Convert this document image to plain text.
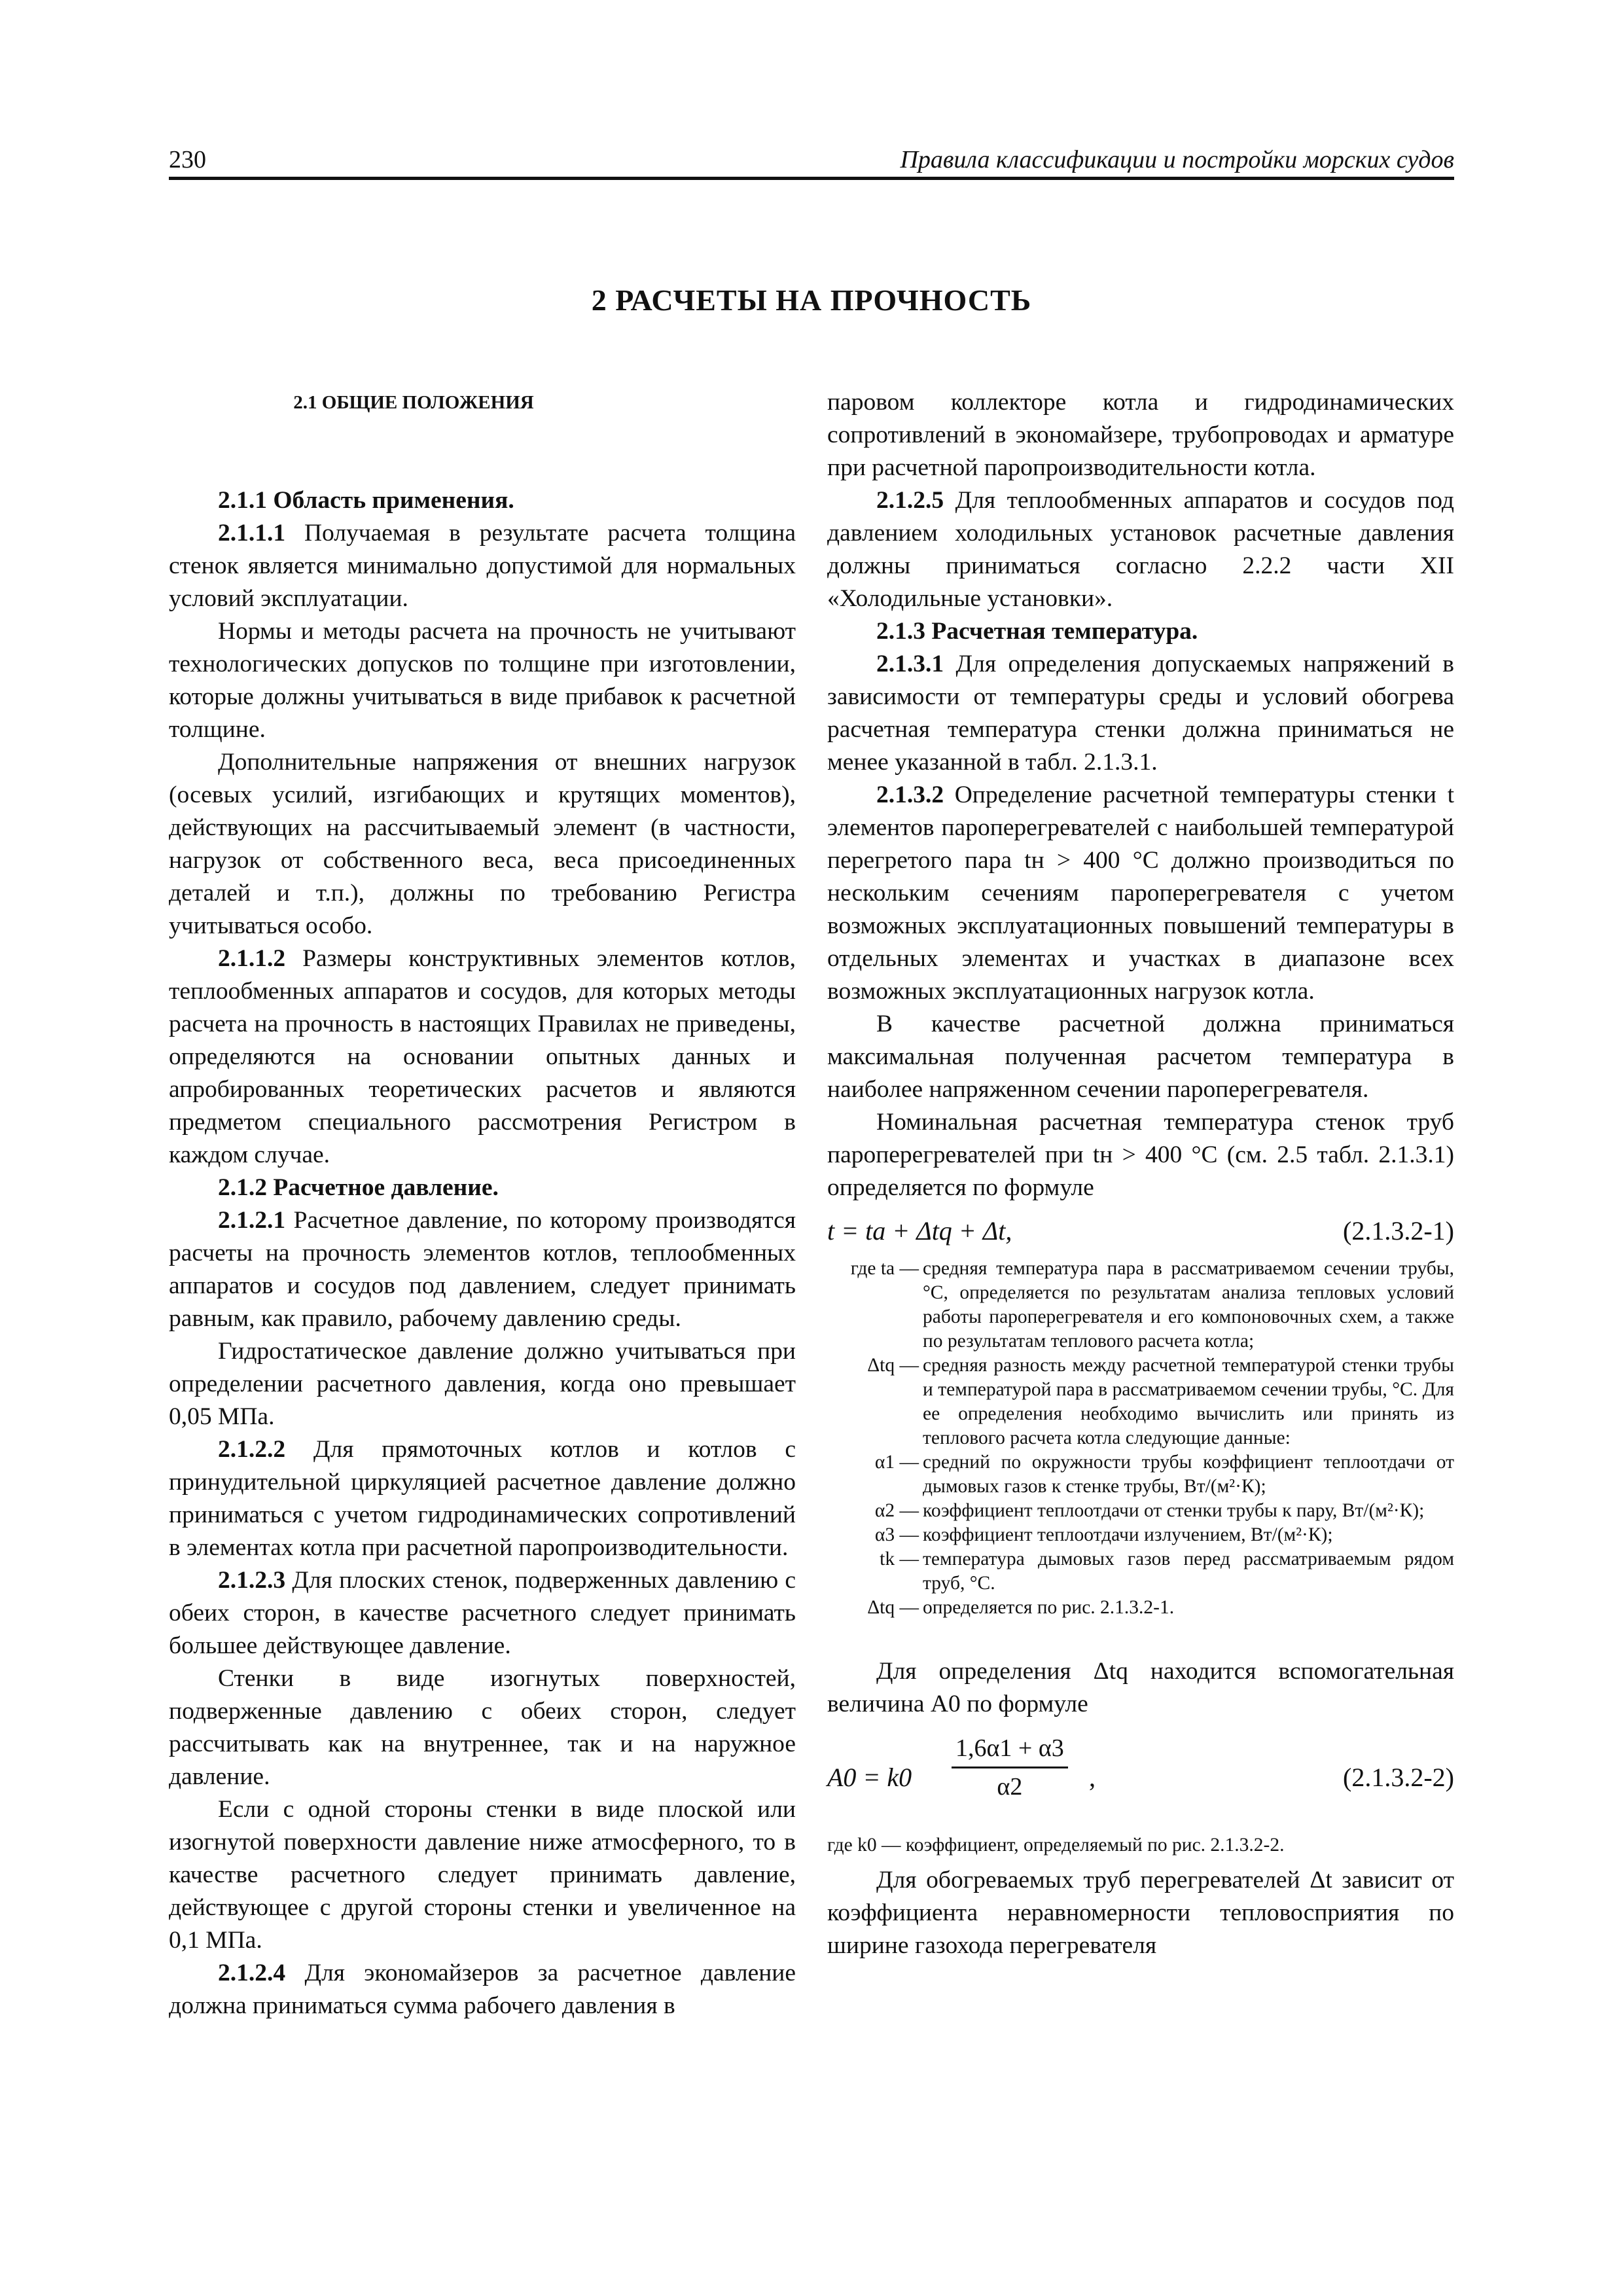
230	Правила классификации и постройки морских судов
2 РАСЧЕТЫ НА ПРОЧНОСТЬ

2.1 ОБЩИЕ ПОЛОЖЕНИЯ

2.1.1 Область применения.

2.1.1.1 Получаемая в результате расчета толщина стенок является минимально допустимой для нормальных условий эксплуатации.

Нормы и методы расчета на прочность не учитывают технологических допусков по толщине при изготовлении, которые должны учитываться в виде прибавок к расчетной толщине.

Дополнительные напряжения от внешних нагрузок (осевых усилий, изгибающих и крутящих моментов), действующих на рассчитываемый элемент (в частности, нагрузок от собственного веса, веса присоединенных деталей и т.п.), должны по требованию Регистра учитываться особо.

2.1.1.2 Размеры конструктивных элементов котлов, теплообменных аппаратов и сосудов, для которых методы расчета на прочность в настоящих Правилах не приведены, определяются на основании опытных данных и апробированных теоретических расчетов и являются предметом специального рассмотрения Регистром в каждом случае.

2.1.2 Расчетное давление.

2.1.2.1 Расчетное давление, по которому производятся расчеты на прочность элементов котлов, теплообменных аппаратов и сосудов под давлением, следует принимать равным, как правило, рабочему давлению среды.

Гидростатическое давление должно учитываться при определении расчетного давления, когда оно превышает 0,05 МПа.

2.1.2.2 Для прямоточных котлов и котлов с принудительной циркуляцией расчетное давление должно приниматься с учетом гидродинамических сопротивлений в элементах котла при расчетной паропроизводительности.

2.1.2.3 Для плоских стенок, подверженных давлению с обеих сторон, в качестве расчетного следует принимать большее действующее давление.

Стенки в виде изогнутых поверхностей, подверженные давлению с обеих сторон, следует рассчитывать как на внутреннее, так и на наружное давление.

Если с одной стороны стенки в виде плоской или изогнутой поверхности давление ниже атмосферного, то в качестве расчетного следует принимать давление, действующее с другой стороны стенки и увеличенное на 0,1 МПа.

2.1.2.4 Для экономайзеров за расчетное давление должна приниматься сумма рабочего давления в

паровом коллекторе котла и гидродинамических сопротивлений в экономайзере, трубопроводах и арматуре при расчетной паропроизводительности котла.

2.1.2.5 Для теплообменных аппаратов и сосудов под давлением холодильных установок расчетные давления должны приниматься согласно 2.2.2 части XII «Холодильные установки».

2.1.3 Расчетная температура.

2.1.3.1 Для определения допускаемых напряжений в зависимости от температуры среды и условий обогрева расчетная температура стенки должна приниматься не менее указанной в табл. 2.1.3.1.

2.1.3.2 Определение расчетной температуры стенки t элементов пароперегревателей с наибольшей температурой перегретого пара tн > 400 °C должно производиться по нескольким сечениям пароперегревателя с учетом возможных эксплуатационных повышений температуры в отдельных элементах и участках в диапазоне всех возможных эксплуатационных нагрузок котла.

В качестве расчетной должна приниматься максимальная полученная расчетом температура в наиболее напряженном сечении пароперегревателя.

Номинальная расчетная температура стенок труб пароперегревателей при tн > 400 °C (см. 2.5 табл. 2.1.3.1) определяется по формуле

t = ta + Δtq + Δt,	(2.1.3.2-1)
где ta — средняя температура пара в рассматриваемом сечении трубы, °C, определяется по результатам анализа тепловых условий работы пароперегревателя и его компоновочных схем, а также по результатам теплового расчета котла;
Δtq — средняя разность между расчетной температурой стенки трубы и температурой пара в рассматриваемом сечении трубы, °C. Для ее определения необходимо вычислить или принять из теплового расчета котла следующие данные:
α1 — средний по окружности трубы коэффициент теплоотдачи от дымовых газов к стенке трубы, Вт/(м²·К);
α2 — коэффициент теплоотдачи от стенки трубы к пару, Вт/(м²·К);
α3 — коэффициент теплоотдачи излучением, Вт/(м²·К);
tk — температура дымовых газов перед рассматриваемым рядом труб, °C.
Δtq — определяется по рис. 2.1.3.2-1.

Для определения Δtq находится вспомогательная величина A0 по формуле

$A0 = k0 \frac{1,6\alpha 1 + \alpha 3}{\alpha 2}$ ,	(2.1.3.2-2)

где k0 — коэффициент, определяемый по рис. 2.1.3.2-2.

Для обогреваемых труб перегревателей Δt зависит от коэффициента неравномерности тепловосприятия по ширине газохода перегревателя
